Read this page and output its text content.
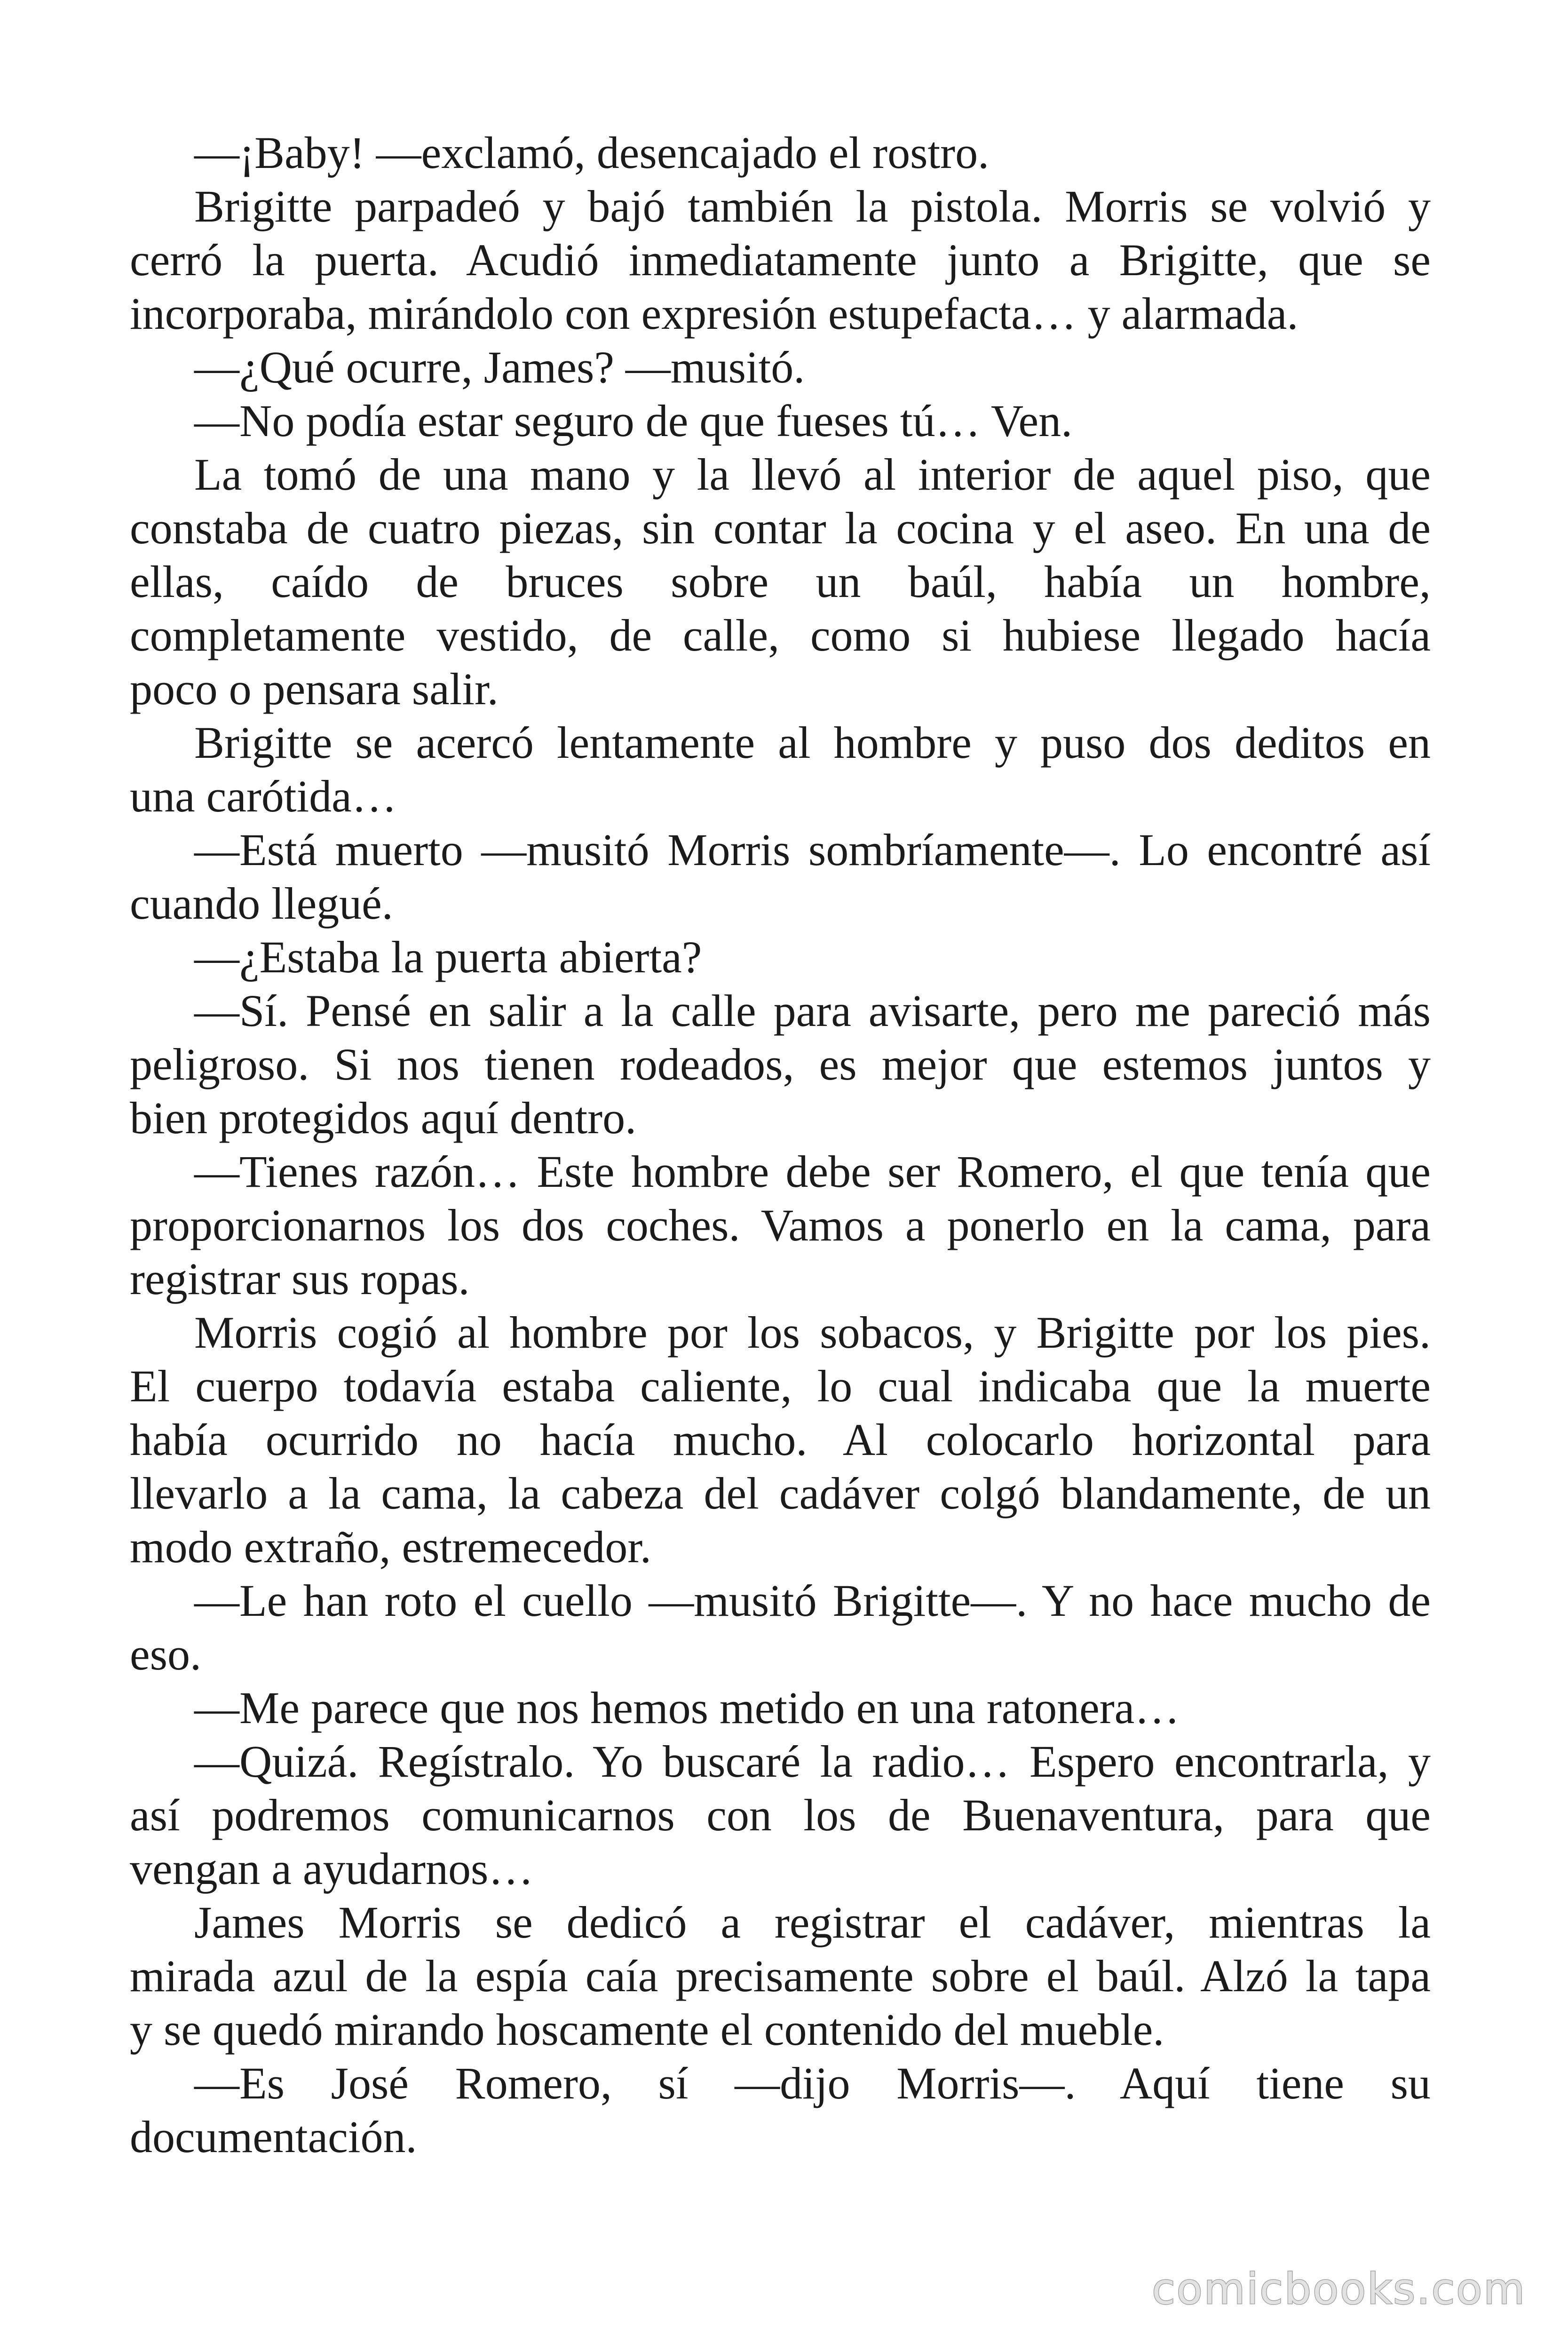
—¡Baby! —exclamó, desencajado el rostro.
Brigitte parpadeó y bajó también la pistola. Morris se volvió y
cerró la puerta. Acudió inmediatamente junto a Brigitte, que se
incorporaba, mirándolo con expresión estupefacta… y alarmada.
—¿Qué ocurre, James? —musitó.
—No podía estar seguro de que fueses tú… Ven.
La tomó de una mano y la llevó al interior de aquel piso, que
constaba de cuatro piezas, sin contar la cocina y el aseo. En una de
ellas, caído de bruces sobre un baúl, había un hombre,
completamente vestido, de calle, como si hubiese llegado hacía
poco o pensara salir.
Brigitte se acercó lentamente al hombre y puso dos deditos en
una carótida…
—Está muerto —musitó Morris sombríamente—. Lo encontré así
cuando llegué.
—¿Estaba la puerta abierta?
—Sí. Pensé en salir a la calle para avisarte, pero me pareció más
peligroso. Si nos tienen rodeados, es mejor que estemos juntos y
bien protegidos aquí dentro.
—Tienes razón… Este hombre debe ser Romero, el que tenía que
proporcionarnos los dos coches. Vamos a ponerlo en la cama, para
registrar sus ropas.
Morris cogió al hombre por los sobacos, y Brigitte por los pies.
El cuerpo todavía estaba caliente, lo cual indicaba que la muerte
había ocurrido no hacía mucho. Al colocarlo horizontal para
llevarlo a la cama, la cabeza del cadáver colgó blandamente, de un
modo extraño, estremecedor.
—Le han roto el cuello —musitó Brigitte—. Y no hace mucho de
eso.
—Me parece que nos hemos metido en una ratonera…
—Quizá. Regístralo. Yo buscaré la radio… Espero encontrarla, y
así podremos comunicarnos con los de Buenaventura, para que
vengan a ayudarnos…
James Morris se dedicó a registrar el cadáver, mientras la
mirada azul de la espía caía precisamente sobre el baúl. Alzó la tapa
y se quedó mirando hoscamente el contenido del mueble.
—Es José Romero, sí —dijo Morris—. Aquí tiene su
documentación.
comicbooks.com
